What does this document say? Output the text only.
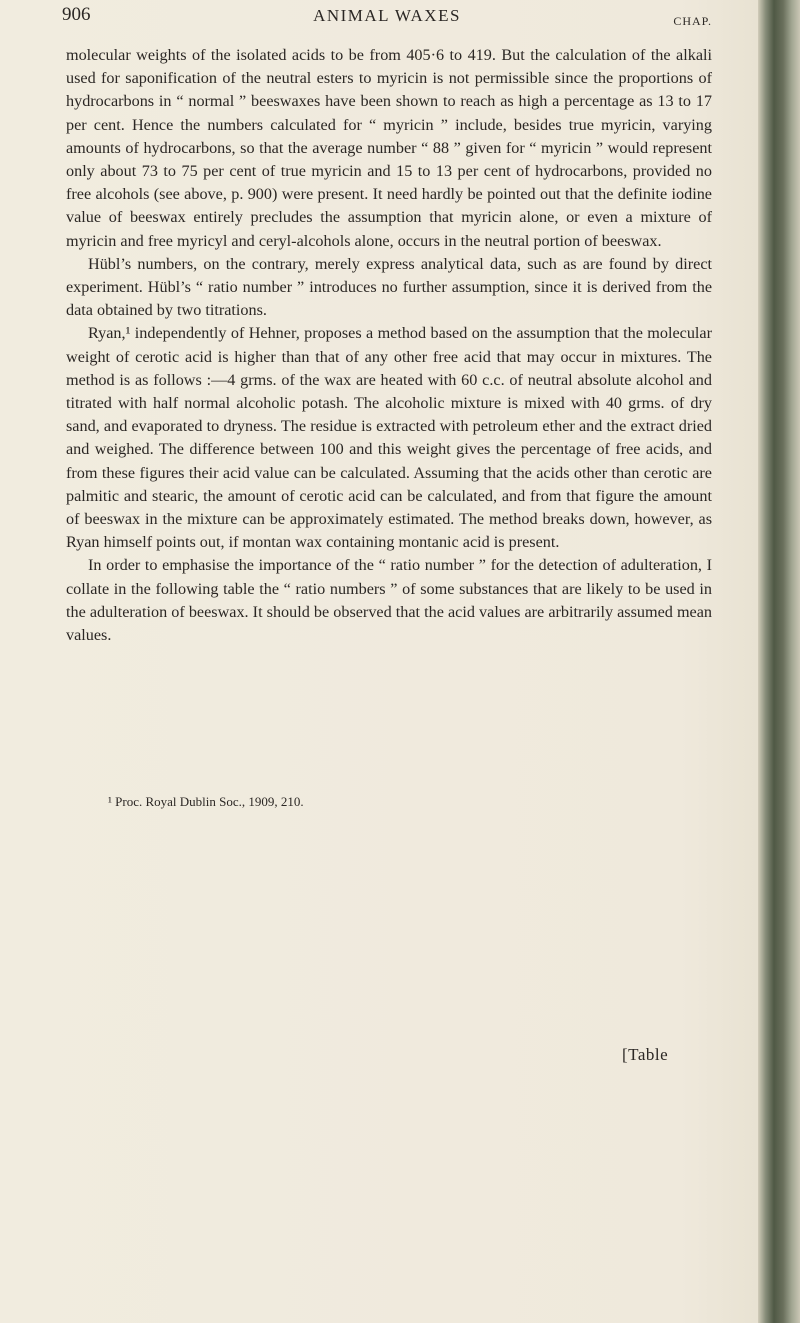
906	ANIMAL WAXES	CHAP.

molecular weights of the isolated acids to be from 405·6 to 419. But the calculation of the alkali used for saponification of the neutral esters to myricin is not permissible since the proportions of hydrocarbons in “ normal ” beeswaxes have been shown to reach as high a percentage as 13 to 17 per cent. Hence the numbers calculated for “ myricin ” include, besides true myricin, varying amounts of hydrocarbons, so that the average number “ 88 ” given for “ myricin ” would represent only about 73 to 75 per cent of true myricin and 15 to 13 per cent of hydrocarbons, provided no free alcohols (see above, p. 900) were present. It need hardly be pointed out that the definite iodine value of beeswax entirely precludes the assumption that myricin alone, or even a mixture of myricin and free myricyl and ceryl-alcohols alone, occurs in the neutral portion of beeswax.

Hübl’s numbers, on the contrary, merely express analytical data, such as are found by direct experiment. Hübl’s “ ratio number ” introduces no further assumption, since it is derived from the data obtained by two titrations.

Ryan,¹ independently of Hehner, proposes a method based on the assumption that the molecular weight of cerotic acid is higher than that of any other free acid that may occur in mixtures. The method is as follows :—4 grms. of the wax are heated with 60 c.c. of neutral absolute alcohol and titrated with half normal alcoholic potash. The alcoholic mixture is mixed with 40 grms. of dry sand, and evaporated to dryness. The residue is extracted with petroleum ether and the extract dried and weighed. The difference between 100 and this weight gives the percentage of free acids, and from these figures their acid value can be calculated. Assuming that the acids other than cerotic are palmitic and stearic, the amount of cerotic acid can be calculated, and from that figure the amount of beeswax in the mixture can be approximately estimated. The method breaks down, however, as Ryan himself points out, if montan wax containing montanic acid is present.

In order to emphasise the importance of the “ ratio number ” for the detection of adulteration, I collate in the following table the “ ratio numbers ” of some substances that are likely to be used in the adulteration of beeswax. It should be observed that the acid values are arbitrarily assumed mean values.

¹ Proc. Royal Dublin Soc., 1909, 210.
[Table
